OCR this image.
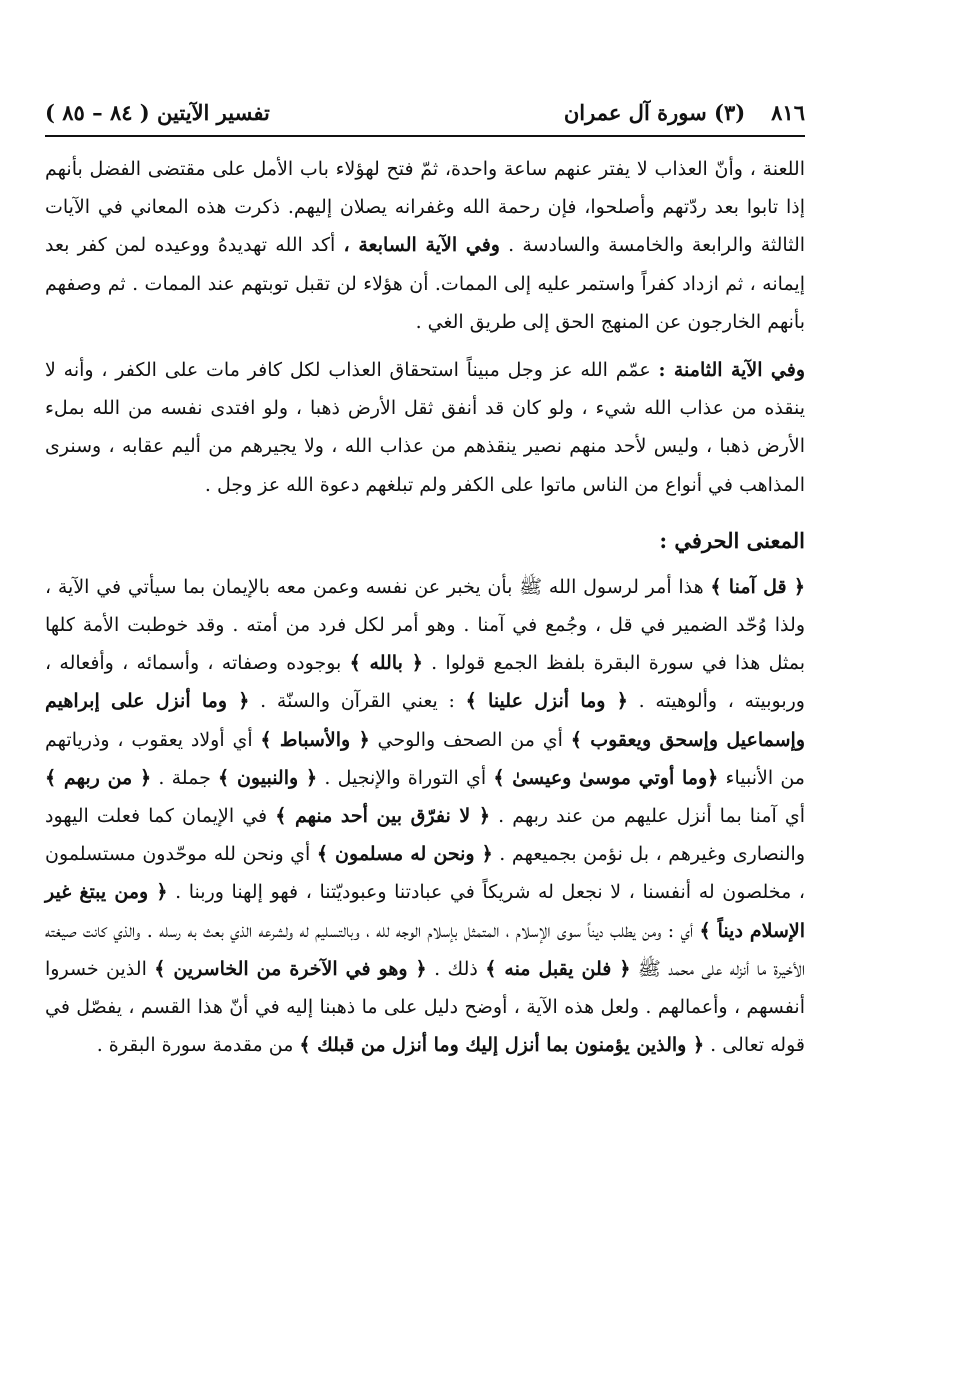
٨١٦
(٣) سورة آل عمران
تفسير الآيتين ( ٨٤ – ٨٥ )

اللعنة ، وأنّ العذاب لا يفتر عنهم ساعة واحدة، ثمّ فتح لهؤلاء باب الأمل على مقتضى الفضل بأنهم إذا تابوا بعد ردّتهم وأصلحوا، فإن رحمة الله وغفرانه يصلان إليهم. ذكرت هذه المعاني في الآيات الثالثة والرابعة والخامسة والسادسة . وفي الآية السابعة ، أكد الله تهديدهُ ووعيده لمن كفر بعد إيمانه ، ثم ازداد كفراً واستمر عليه إلى الممات. أن هؤلاء لن تقبل توبتهم عند الممات . ثم وصفهم بأنهم الخارجون عن المنهج الحق إلى طريق الغي .

وفي الآية الثامنة : عمّم الله عز وجل مبيناً استحقاق العذاب لكل كافر مات على الكفر ، وأنه لا ينقذه من عذاب الله شيء ، ولو كان قد أنفق ثقل الأرض ذهبا ، ولو افتدى نفسه من الله بملء الأرض ذهبا ، وليس لأحد منهم نصير ينقذهم من عذاب الله ، ولا يجيرهم من أليم عقابه ، وسنرى المذاهب في أنواع من الناس ماتوا على الكفر ولم تبلغهم دعوة الله عز وجل .

المعنى الحرفي :

﴿ قل آمنا ﴾ هذا أمر لرسول الله ﷺ بأن يخبر عن نفسه وعمن معه بالإيمان بما سيأتي في الآية ، ولذا وُحّد الضمير في قل ، وجُمع في آمنا . وهو أمر لكل فرد من أمته . وقد خوطبت الأمة كلها بمثل هذا في سورة البقرة بلفظ الجمع قولوا . ﴿ بالله ﴾ بوجوده وصفاته ، وأسمائه ، وأفعاله ، وربوبيته ، وألوهيته . ﴿ وما أنزل علينا ﴾ : يعني القرآن والسنّة . ﴿ وما أنزل على إبراهيم وإسماعيل وإسحق ويعقوب ﴾ أي من الصحف والوحي ﴿ والأسباط ﴾ أي أولاد يعقوب ، وذرياتهم من الأنبياء ﴿وما أوتي موسىٰ وعيسىٰ ﴾ أي التوراة والإنجيل . ﴿ والنبيون ﴾ جملة . ﴿ من ربهم ﴾ أي آمنا بما أنزل عليهم من عند ربهم . ﴿ لا نفرّق بين أحد منهم ﴾ في الإيمان كما فعلت اليهود والنصارى وغيرهم ، بل نؤمن بجميعهم . ﴿ ونحن له مسلمون ﴾ أي ونحن لله موحّدون مستسلمون ، مخلصون له أنفسنا ، لا نجعل له شريكاً في عبادتنا وعبوديّتنا ، فهو إلهنا وربنا . ﴿ ومن يبتغ غير الإسلام ديناً ﴾ أي : ومن يطلب ديناً سوى الإسلام ، المتمثل بإسلام الوجه لله ، وبالتسليم له ولشرعه الذي بعث به رسله . والذي كانت صيغته الأخيرة ما أنزله على محمد ﷺ ﴿ فلن يقبل منه ﴾ ذلك . ﴿ وهو في الآخرة من الخاسرين ﴾ الذين خسروا أنفسهم ، وأعمالهم . ولعل هذه الآية ، أوضح دليل على ما ذهبنا إليه في أنّ هذا القسم ، يفصّل في قوله تعالى . ﴿ والذين يؤمنون بما أنزل إليك وما أنزل من قبلك ﴾ من مقدمة سورة البقرة .
